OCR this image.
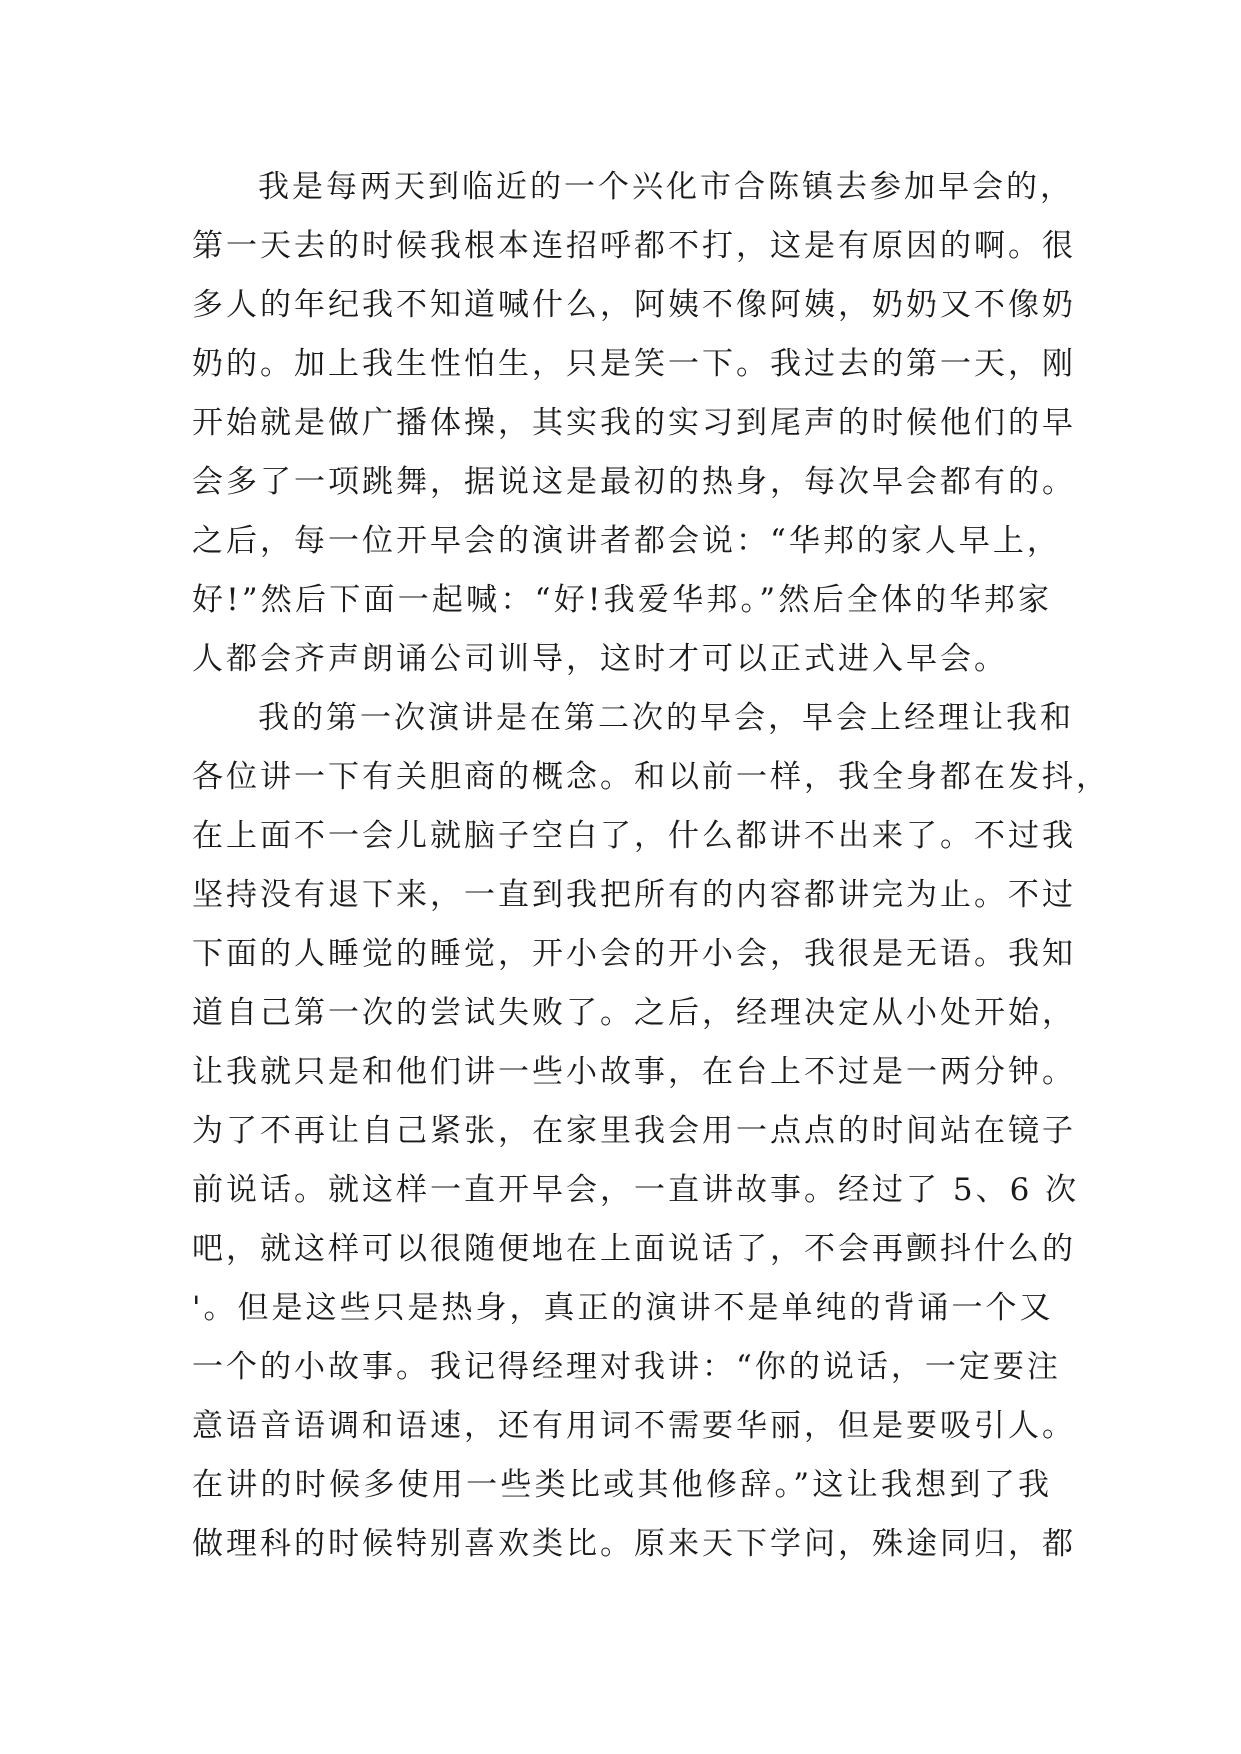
我是每两天到临近的一个兴化市合陈镇去参加早会的，
第一天去的时候我根本连招呼都不打，这是有原因的啊。很
多人的年纪我不知道喊什么，阿姨不像阿姨，奶奶又不像奶
奶的。加上我生性怕生，只是笑一下。我过去的第一天，刚
开始就是做广播体操，其实我的实习到尾声的时候他们的早
会多了一项跳舞，据说这是最初的热身，每次早会都有的。
之后，每一位开早会的演讲者都会说：“华邦的家人早上，
好!”然后下面一起喊：“好!我爱华邦。”然后全体的华邦家
人都会齐声朗诵公司训导，这时才可以正式进入早会。
我的第一次演讲是在第二次的早会，早会上经理让我和
各位讲一下有关胆商的概念。和以前一样，我全身都在发抖，
在上面不一会儿就脑子空白了，什么都讲不出来了。不过我
坚持没有退下来，一直到我把所有的内容都讲完为止。不过
下面的人睡觉的睡觉，开小会的开小会，我很是无语。我知
道自己第一次的尝试失败了。之后，经理决定从小处开始，
让我就只是和他们讲一些小故事，在台上不过是一两分钟。
为了不再让自己紧张，在家里我会用一点点的时间站在镜子
前说话。就这样一直开早会，一直讲故事。经过了 5、6 次
吧，就这样可以很随便地在上面说话了，不会再颤抖什么的
'。但是这些只是热身，真正的演讲不是单纯的背诵一个又
一个的小故事。我记得经理对我讲：“你的说话，一定要注
意语音语调和语速，还有用词不需要华丽，但是要吸引人。
在讲的时候多使用一些类比或其他修辞。”这让我想到了我
做理科的时候特别喜欢类比。原来天下学问，殊途同归，都
